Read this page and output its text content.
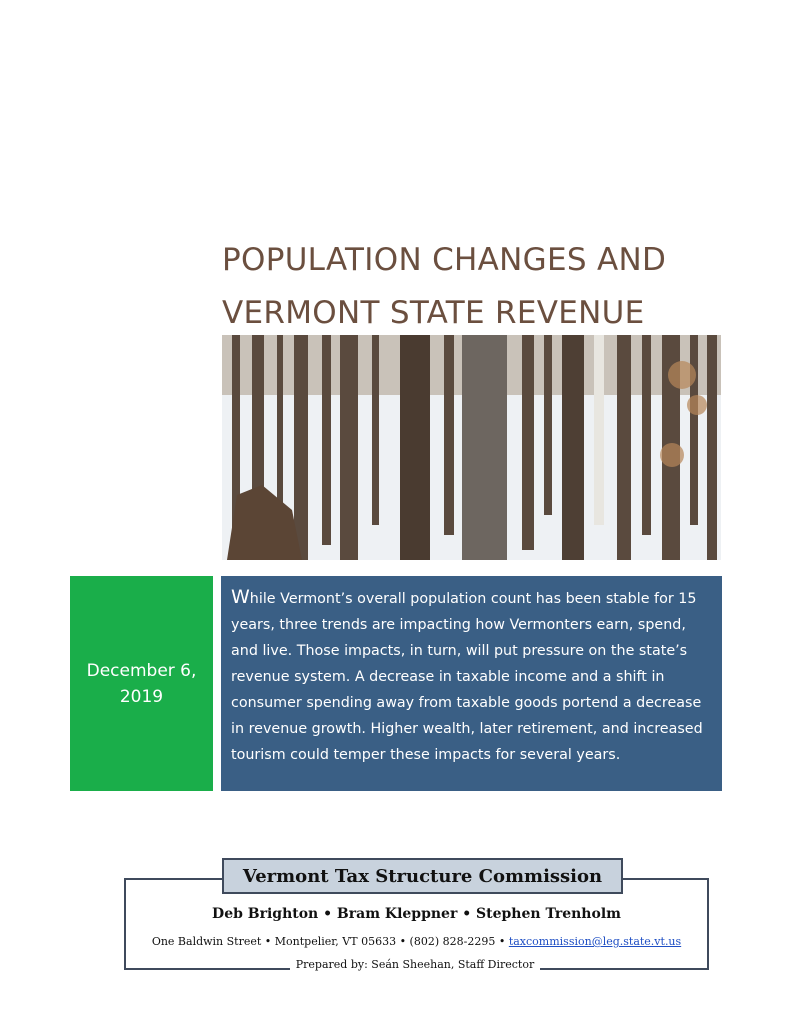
POPULATION CHANGES AND
VERMONT STATE REVENUE
December 6, 2019

While Vermont’s overall population count has been stable for 15 years, three trends are impacting how Vermonters earn, spend, and live. Those impacts, in turn, will put pressure on the state’s revenue system. A decrease in taxable income and a shift in consumer spending away from taxable goods portend a decrease in revenue growth. Higher wealth, later retirement, and increased tourism could temper these impacts for several years.

Vermont Tax Structure Commission
Deb Brighton • Bram Kleppner • Stephen Trenholm
One Baldwin Street • Montpelier, VT 05633 • (802) 828-2295 • taxcommission@leg.state.vt.us
Prepared by: Seán Sheehan, Staff Director
